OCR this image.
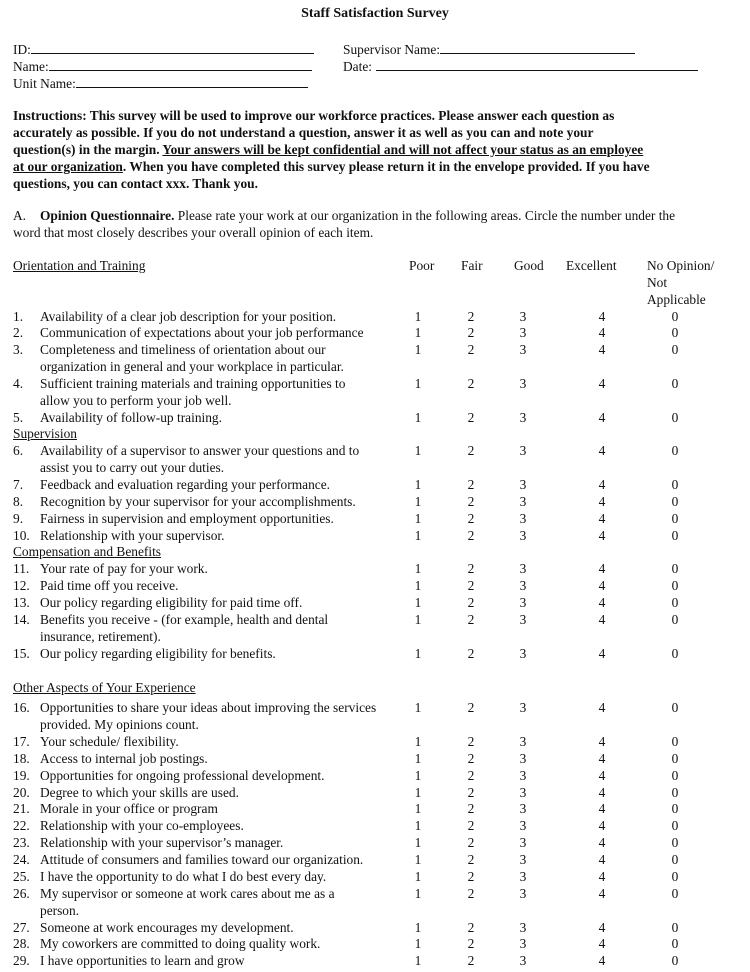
Staff Satisfaction Survey
ID:
Name:
Unit Name:
Supervisor Name:
Date:
Instructions: This survey will be used to improve our workforce practices. Please answer each question as accurately as possible. If you do not understand a question, answer it as well as you can and note your question(s) in the margin. Your answers will be kept confidential and will not affect your status as an employee at our organization. When you have completed this survey please return it in the envelope provided. If you have questions, you can contact xxx. Thank you.
A. Opinion Questionnaire. Please rate your work at our organization in the following areas. Circle the number under the word that most closely describes your overall opinion of each item.
Poor Fair Good Excellent No Opinion/
Not
Applicable
Orientation and Training
Supervision
Compensation and Benefits
Other Aspects of Your Experience
1. Availability of a clear job description for your position.	1	2	3	4	0
2. Communication of expectations about your job performance	1	2	3	4	0
3. Completeness and timeliness of orientation about our
organization in general and your workplace in particular.
1	2	3	4	0
4. Sufficient training materials and training opportunities to
allow you to perform your job well.
1	2	3	4	0
5. Availability of follow-up training.	1	2	3	4	0
6. Availability of a supervisor to answer your questions and to
assist you to carry out your duties.
1	2	3	4	0
7. Feedback and evaluation regarding your performance.	1	2	3	4	0
8. Recognition by your supervisor for your accomplishments.	1	2	3	4	0
9. Fairness in supervision and employment opportunities.	1	2	3	4	0
10. Relationship with your supervisor.	1	2	3	4	0
11. Your rate of pay for your work.	1	2	3	4	0
12. Paid time off you receive.	1	2	3	4	0
13. Our policy regarding eligibility for paid time off.	1	2	3	4	0
14. Benefits you receive - (for example, health and dental
insurance, retirement).
1	2	3	4	0
15. Our policy regarding eligibility for benefits.	1	2	3	4	0
16. Opportunities to share your ideas about improving the services
provided. My opinions count.
1	2	3	4	0
17. Your schedule/ flexibility.	1	2	3	4	0
18. Access to internal job postings.	1	2	3	4	0
19. Opportunities for ongoing professional development.	1	2	3	4	0
20. Degree to which your skills are used.	1	2	3	4	0
21. Morale in your office or program	1	2	3	4	0
22. Relationship with your co-employees.	1	2	3	4	0
23. Relationship with your supervisor’s manager.	1	2	3	4	0
24. Attitude of consumers and families toward our organization.	1	2	3	4	0
25. I have the opportunity to do what I do best every day.	1	2	3	4	0
26. My supervisor or someone at work cares about me as a
person.
1	2	3	4	0
27. Someone at work encourages my development.	1	2	3	4	0
28. My coworkers are committed to doing quality work.	1	2	3	4	0
29. I have opportunities to learn and grow	1	2	3	4	0
